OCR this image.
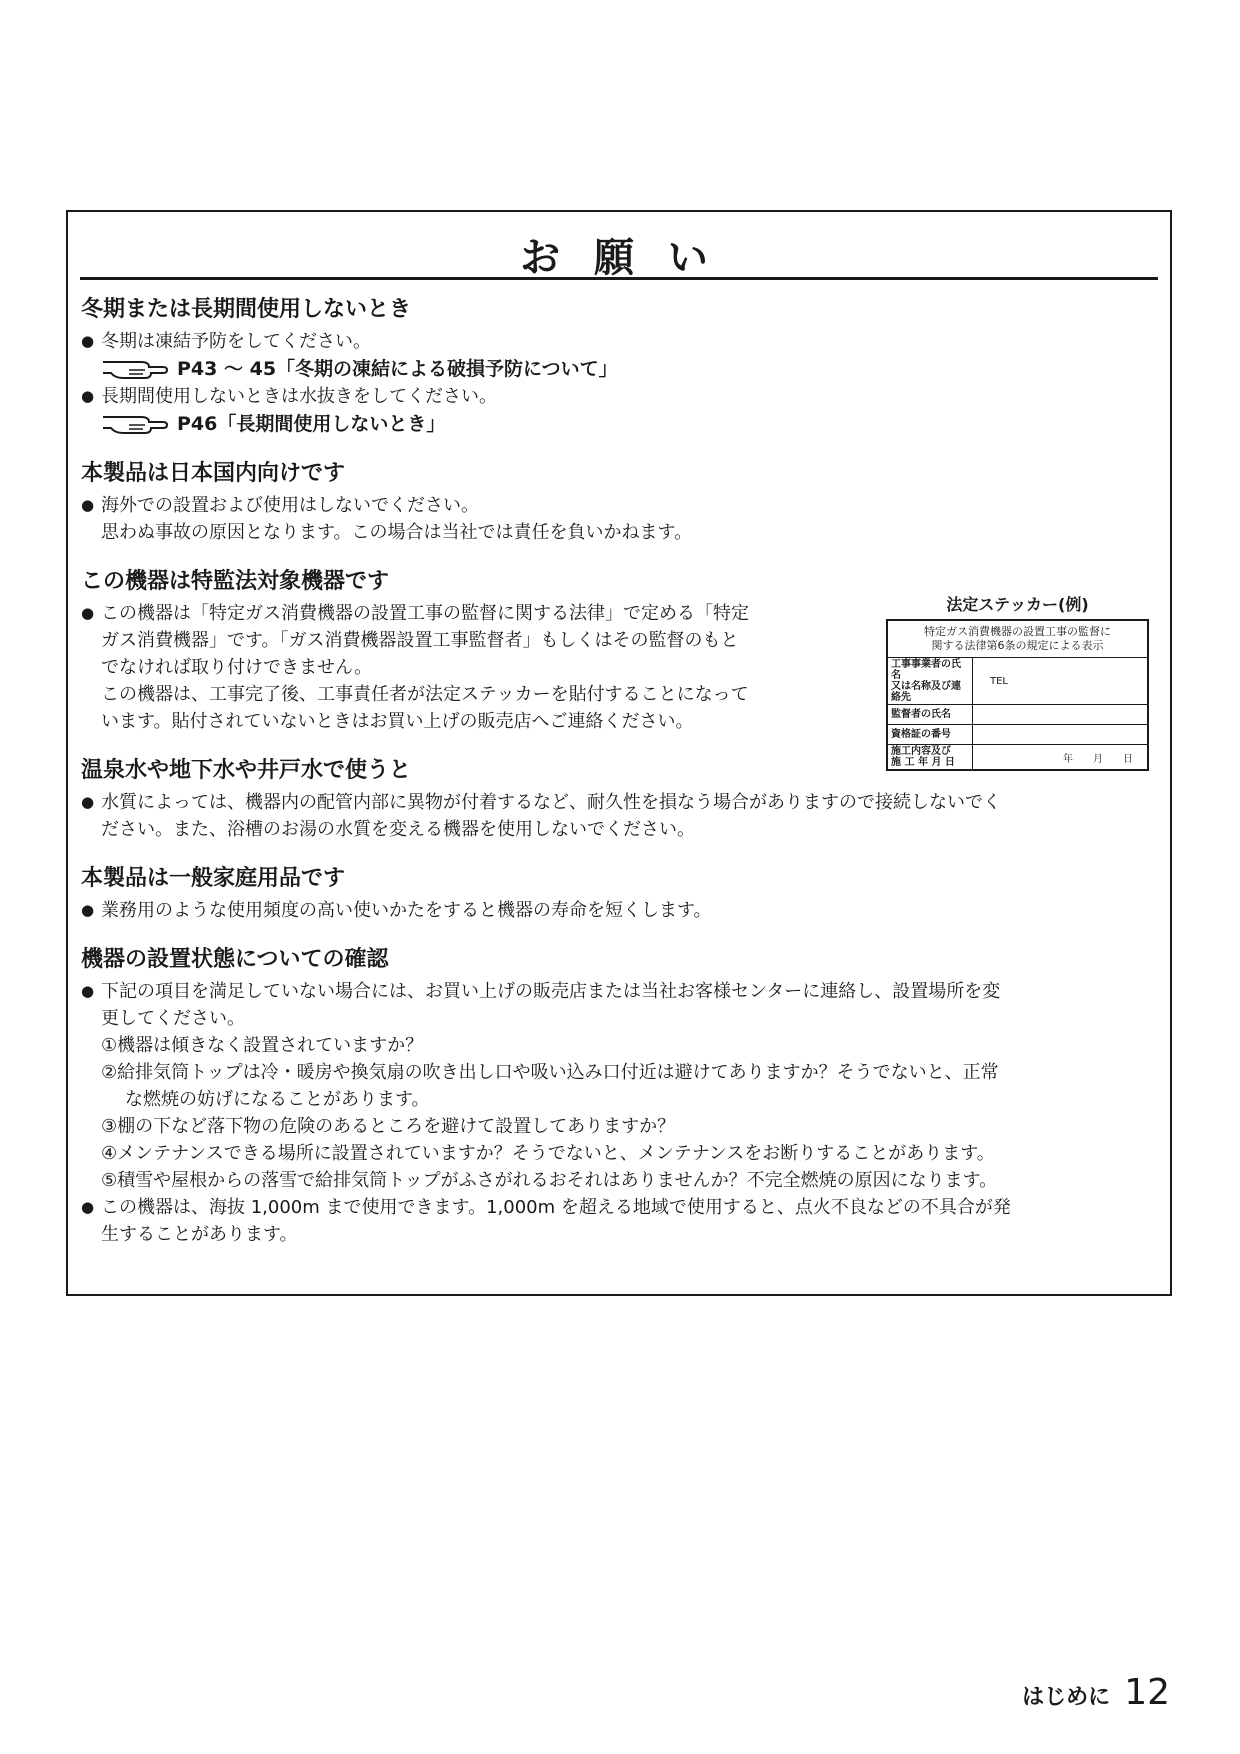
お 願 い
冬期または長期間使用しないとき
● 冬期は凍結予防をしてください。
P43 ～ 45「冬期の凍結による破損予防について」
● 長期間使用しないときは水抜きをしてください。
P46「長期間使用しないとき」
本製品は日本国内向けです
● 海外での設置および使用はしないでください。
思わぬ事故の原因となります。この場合は当社では責任を負いかねます。
この機器は特監法対象機器です
● この機器は「特定ガス消費機器の設置工事の監督に関する法律」で定める「特定
ガス消費機器」です。「ガス消費機器設置工事監督者」もしくはその監督のもと
でなければ取り付けできません。
この機器は、工事完了後、工事責任者が法定ステッカーを貼付することになって
います。貼付されていないときはお買い上げの販売店へご連絡ください。
温泉水や地下水や井戸水で使うと
● 水質によっては、機器内の配管内部に異物が付着するなど、耐久性を損なう場合がありますので接続しないでく
ださい。また、浴槽のお湯の水質を変える機器を使用しないでください。
本製品は一般家庭用品です
● 業務用のような使用頻度の高い使いかたをすると機器の寿命を短くします。
機器の設置状態についての確認
● 下記の項目を満足していない場合には、お買い上げの販売店または当社お客様センターに連絡し、設置場所を変
更してください。
①機器は傾きなく設置されていますか？
②給排気筒トップは冷・暖房や換気扇の吹き出し口や吸い込み口付近は避けてありますか？そうでないと、正常
な燃焼の妨げになることがあります。
③棚の下など落下物の危険のあるところを避けて設置してありますか？
④メンテナンスできる場所に設置されていますか？そうでないと、メンテナンスをお断りすることがあります。
⑤積雪や屋根からの落雪で給排気筒トップがふさがれるおそれはありませんか？不完全燃焼の原因になります。
● この機器は、海抜 1,000m まで使用できます。1,000m を超える地域で使用すると、点火不良などの不具合が発
生することがあります。
法定ステッカー(例)
特定ガス消費機器の設置工事の監督に
関する法律第6条の規定による表示	

工事事業者の氏名
又は名称及び連絡先	TEL
監督者の氏名	
資格証の番号	

施工内容及び
施 工 年 月 日	年　　月　　日
はじめに 12
